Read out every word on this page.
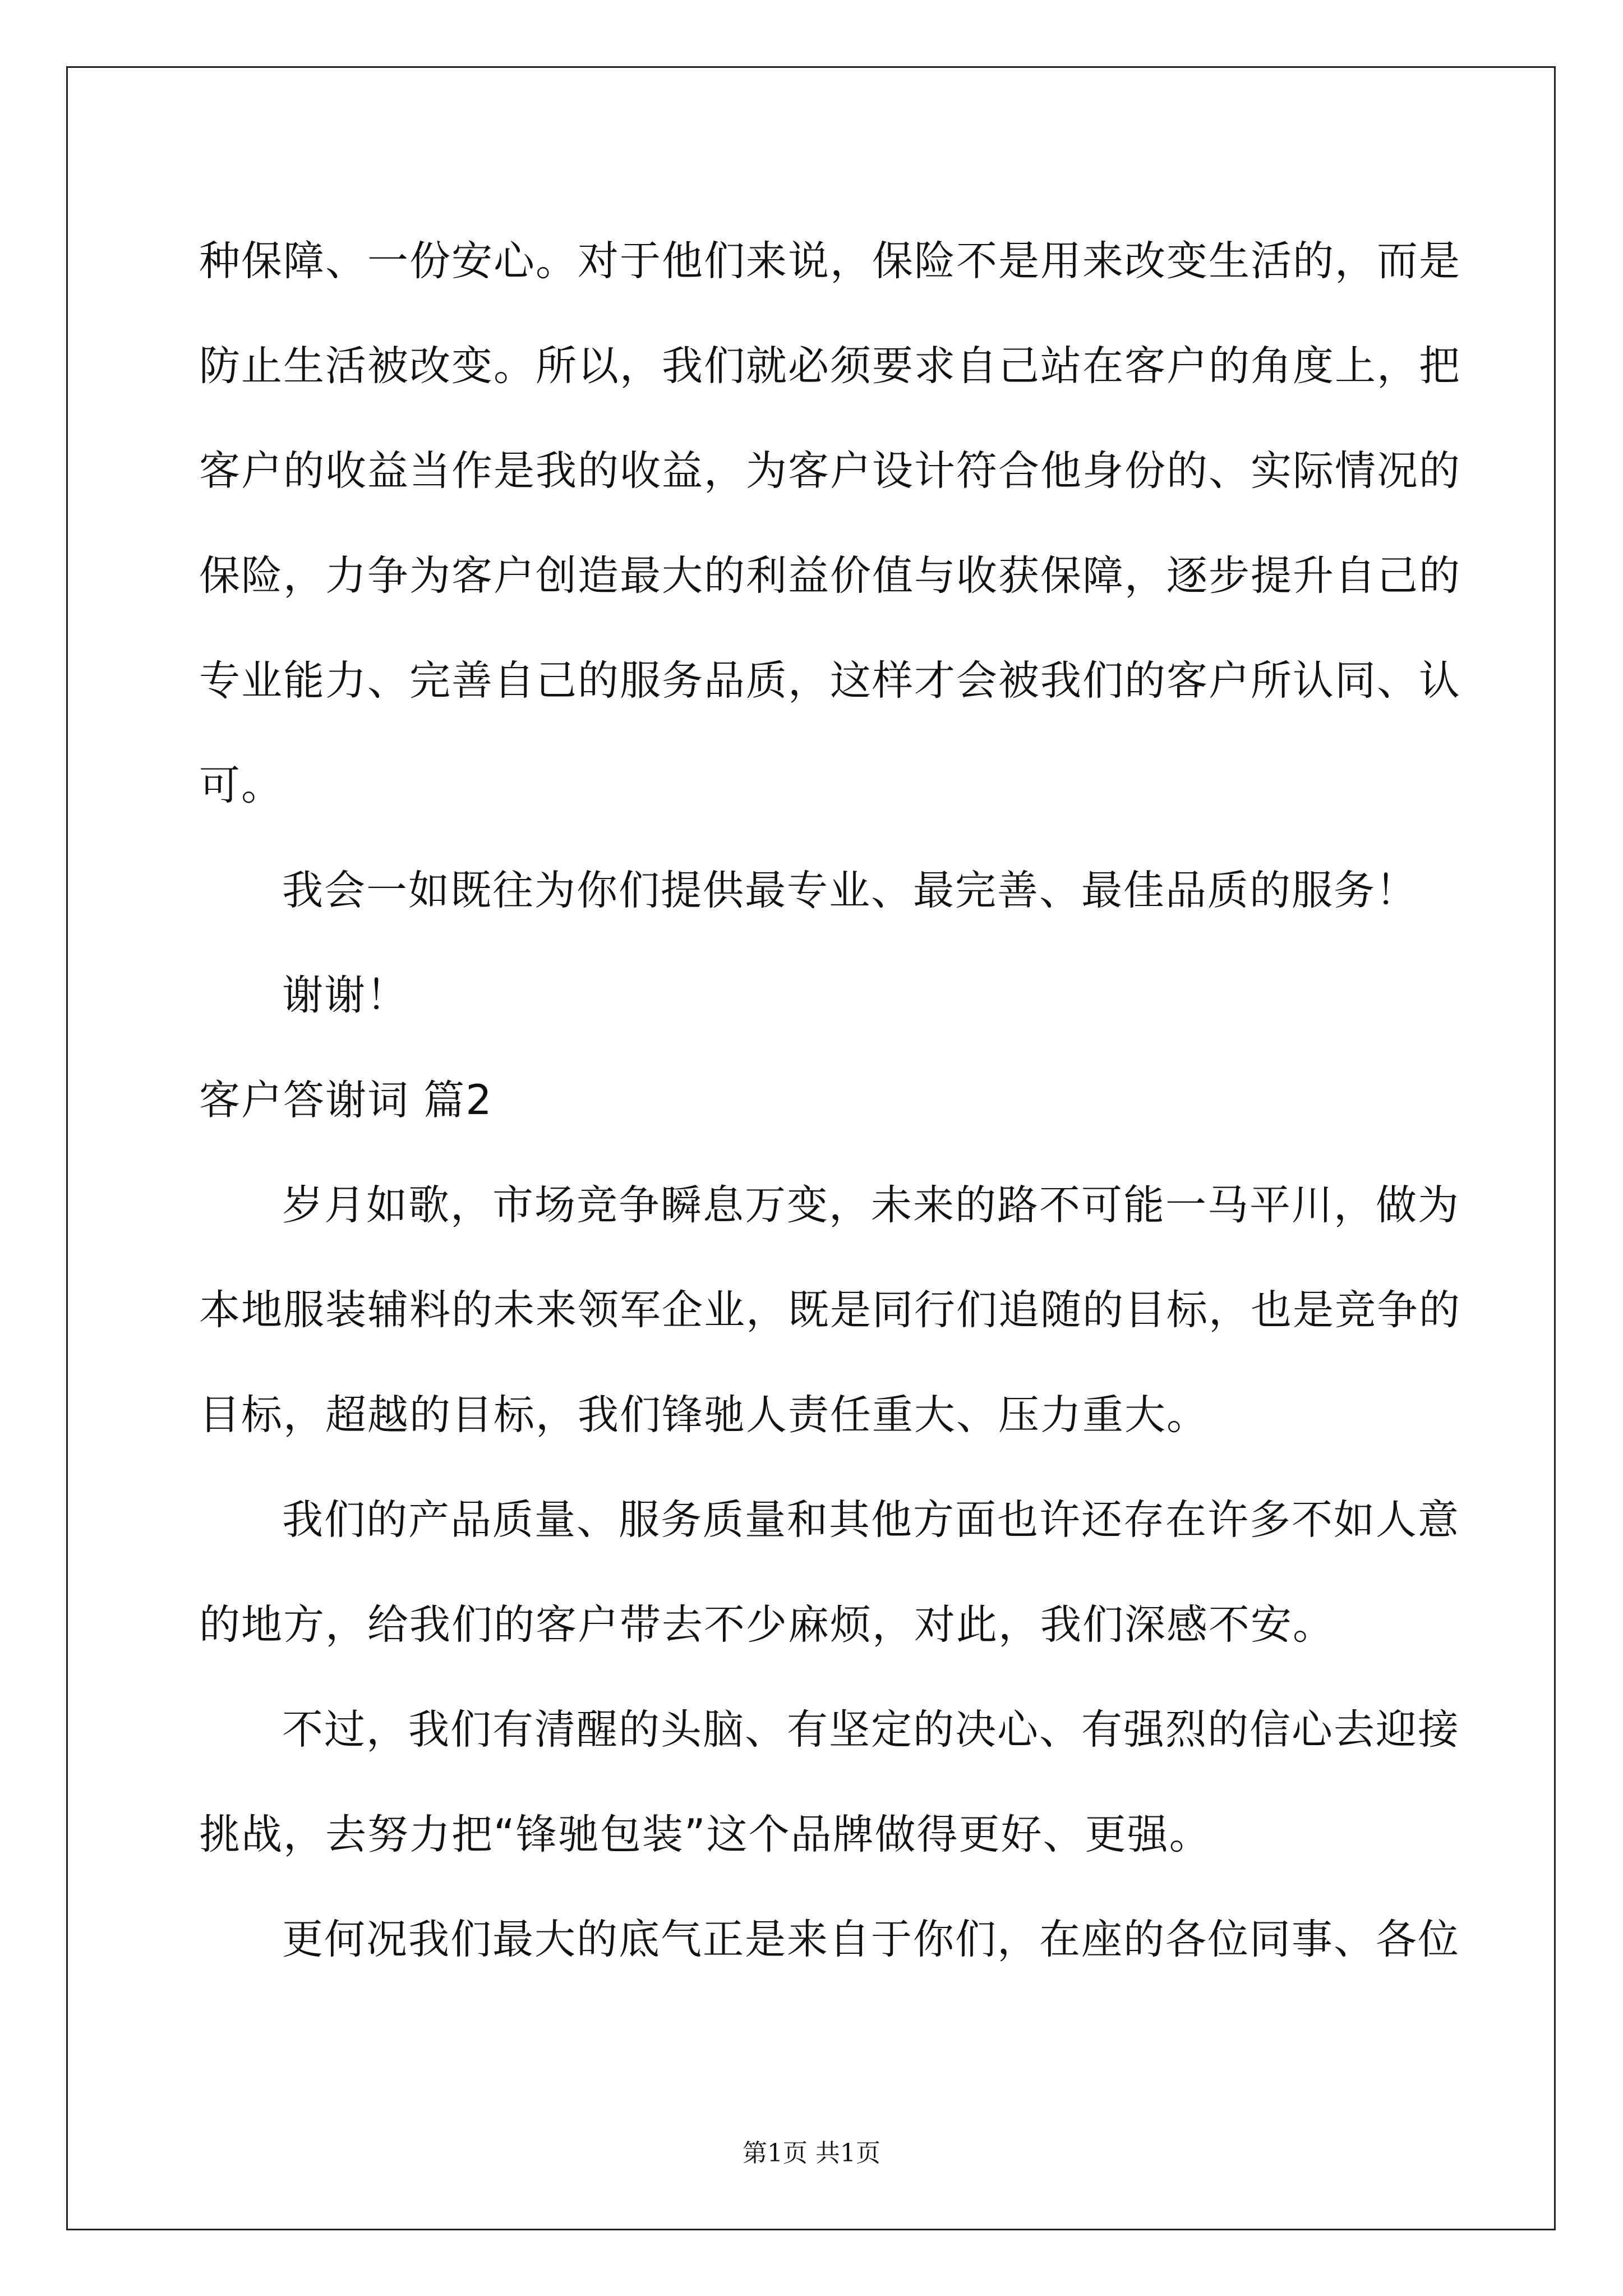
种保障、一份安心。对于他们来说，保险不是用来改变生活的，而是
防止生活被改变。所以，我们就必须要求自己站在客户的角度上，把
客户的收益当作是我的收益，为客户设计符合他身份的、实际情况的
保险，力争为客户创造最大的利益价值与收获保障，逐步提升自己的
专业能力、完善自己的服务品质，这样才会被我们的客户所认同、认
可。
我会一如既往为你们提供最专业、最完善、最佳品质的服务！
谢谢！
客户答谢词 篇2
岁月如歌，市场竞争瞬息万变，未来的路不可能一马平川，做为
本地服装辅料的未来领军企业，既是同行们追随的目标，也是竞争的
目标，超越的目标，我们锋驰人责任重大、压力重大。
我们的产品质量、服务质量和其他方面也许还存在许多不如人意
的地方，给我们的客户带去不少麻烦，对此，我们深感不安。
不过，我们有清醒的头脑、有坚定的决心、有强烈的信心去迎接
挑战，去努力把“锋驰包装”这个品牌做得更好、更强。
更何况我们最大的底气正是来自于你们，在座的各位同事、各位
第1页 共1页
